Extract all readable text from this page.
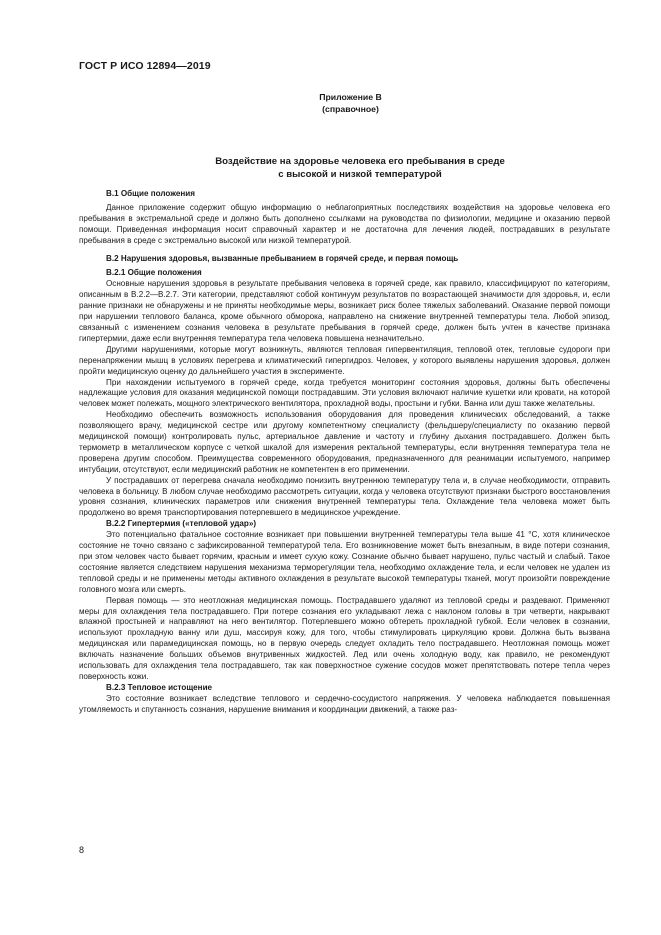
ГОСТ Р ИСО 12894—2019
Приложение В
(справочное)
Воздействие на здоровье человека его пребывания в среде
с высокой и низкой температурой
В.1 Общие положения

Данное приложение содержит общую информацию о неблагоприятных последствиях воздействия на здоровье человека его пребывания в экстремальной среде и должно быть дополнено ссылками на руководства по физиологии, медицине и оказанию первой помощи. Приведенная информация носит справочный характер и не достаточна для лечения людей, пострадавших в результате пребывания в среде с экстремально высокой или низкой температурой.

В.2 Нарушения здоровья, вызванные пребыванием в горячей среде, и первая помощь
В.2.1 Общие положения

Основные нарушения здоровья в результате пребывания человека в горячей среде, как правило, классифицируют по категориям, описанным в В.2.2—В.2.7. Эти категории, представляют собой континуум результатов по возрастающей значимости для здоровья, и, если ранние признаки не обнаружены и не приняты необходимые меры, возникает риск более тяжелых заболеваний. Оказание первой помощи при нарушении теплового баланса, кроме обычного обморока, направлено на снижение внутренней температуры тела. Любой эпизод, связанный с изменением сознания человека в результате пребывания в горячей среде, должен быть учтен в качестве признака гипертермии, даже если внутренняя температура тела человека повышена незначительно.

Другими нарушениями, которые могут возникнуть, являются тепловая гипервентиляция, тепловой отек, тепловые судороги при перенапряжении мышц в условиях перегрева и климатический гипергидроз. Человек, у которого выявлены нарушения здоровья, должен пройти медицинскую оценку до дальнейшего участия в эксперименте.

При нахождении испытуемого в горячей среде, когда требуется мониторинг состояния здоровья, должны быть обеспечены надлежащие условия для оказания медицинской помощи пострадавшим. Эти условия включают наличие кушетки или кровати, на которой человек может полежать, мощного электрического вентилятора, прохладной воды, простыни и губки. Ванна или душ также желательны.

Необходимо обеспечить возможность использования оборудования для проведения клинических обследований, а также позволяющего врачу, медицинской сестре или другому компетентному специалисту (фельдшеру/специалисту по оказанию первой медицинской помощи) контролировать пульс, артериальное давление и частоту и глубину дыхания пострадавшего. Должен быть термометр в металлическом корпусе с четкой шкалой для измерения ректальной температуры, если внутренняя температура тела не проверена другим способом. Преимущества современного оборудования, предназначенного для реанимации испытуемого, например интубации, отсутствуют, если медицинский работник не компетентен в его применении.

У пострадавших от перегрева сначала необходимо понизить внутреннюю температуру тела и, в случае необходимости, отправить человека в больницу. В любом случае необходимо рассмотреть ситуации, когда у человека отсутствуют признаки быстрого восстановления уровня сознания, клинических параметров или снижения внутренней температуры тела. Охлаждение тела человека может быть продолжено во время транспортирования потерпевшего в медицинское учреждение.

В.2.2 Гипертермия («тепловой удар»)

Это потенциально фатальное состояние возникает при повышении внутренней температуры тела выше 41 °С, хотя клиническое состояние не точно связано с зафиксированной температурой тела. Его возникновение может быть внезапным, в виде потери сознания, при этом человек часто бывает горячим, красным и имеет сухую кожу. Сознание обычно бывает нарушено, пульс частый и слабый. Такое состояние является следствием нарушения механизма терморегуляции тела, необходимо охлаждение тела, и если человек не удален из тепловой среды и не применены методы активного охлаждения в результате высокой температуры тканей, могут произойти повреждение головного мозга или смерть.

Первая помощь — это неотложная медицинская помощь. Пострадавшего удаляют из тепловой среды и раздевают. Применяют меры для охлаждения тела пострадавшего. При потере сознания его укладывают лежа с наклоном головы в три четверти, накрывают влажной простыней и направляют на него вентилятор. Потерлевшего можно обтереть прохладной губкой. Если человек в сознании, используют прохладную ванну или душ, массируя кожу, для того, чтобы стимулировать циркуляцию крови. Должна быть вызвана медицинская или парамедицинская помощь, но в первую очередь следует охладить тело пострадавшего. Неотложная помощь может включать назначение больших объемов внутривенных жидкостей. Лед или очень холодную воду, как правило, не рекомендуют использовать для охлаждения тела пострадавшего, так как поверхностное сужение сосудов может препятствовать потере тепла через поверхность кожи.

В.2.3 Тепловое истощение

Это состояние возникает вследствие теплового и сердечно-сосудистого напряжения. У человека наблюдается повышенная утомляемость и спутанность сознания, нарушение внимания и координации движений, а также раз-

8
